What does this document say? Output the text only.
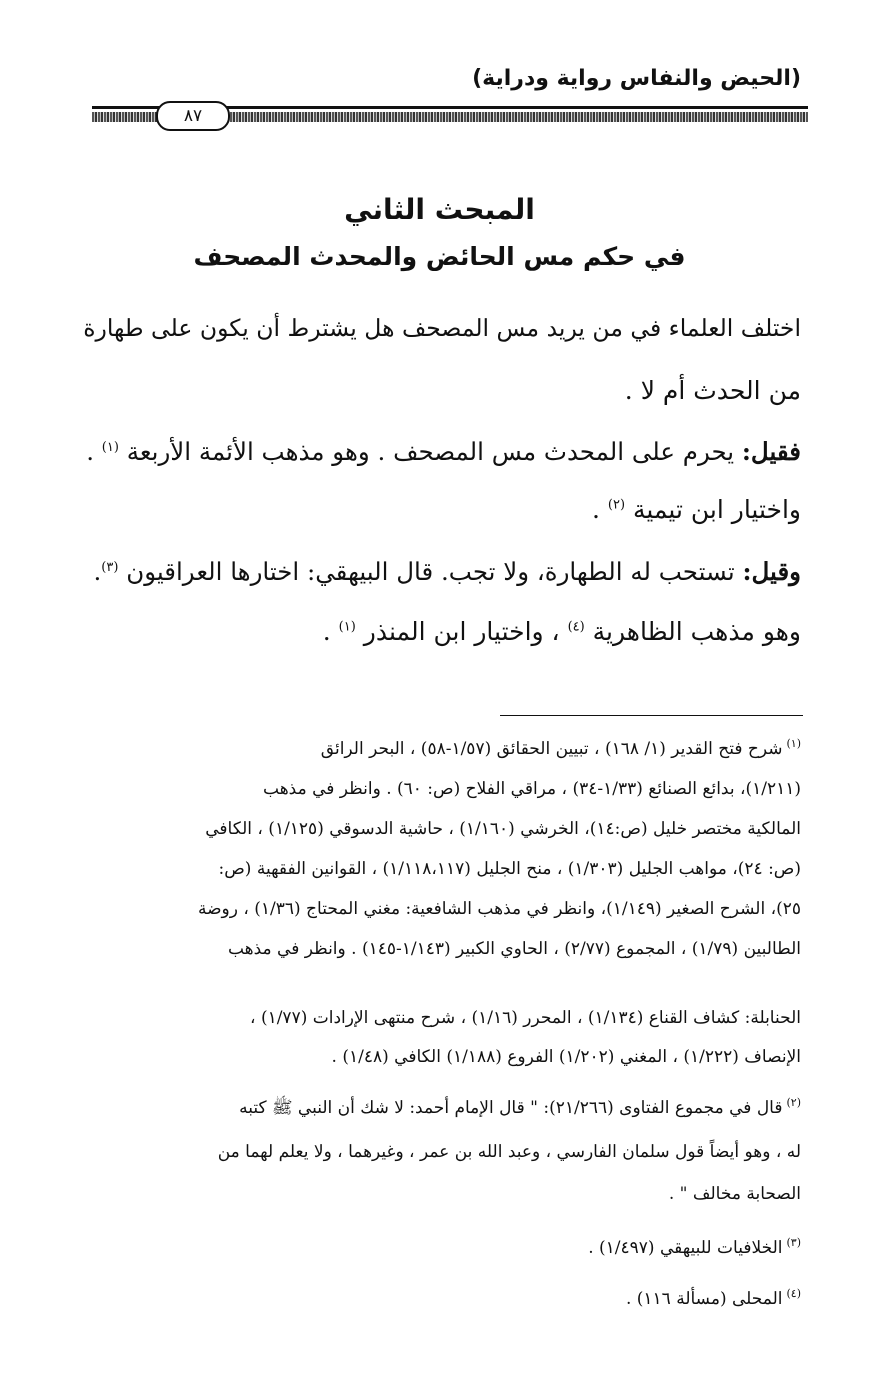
(الحيض والنفاس رواية ودراية)
٨٧
المبحث الثاني
في حكم مس الحائض والمحدث المصحف
اختلف العلماء في من يريد مس المصحف هل يشترط أن يكون على طهارة
من الحدث أم لا .
فقيل: يحرم على المحدث مس المصحف . وهو مذهب الأئمة الأربعة $^{(١)}$ .
واختيار ابن تيمية $^{(٢)}$ .
وقيل: تستحب له الطهارة، ولا تجب. قال البيهقي: اختارها العراقيون $^{(٣)}$.
وهو مذهب الظاهرية $^{(٤)}$ ، واختيار ابن المنذر $^{(١)}$ .
$^{(١)}$شرح فتح القدير (١/ ١٦٨) ، تبيين الحقائق (١/٥٧-٥٨) ، البحر الرائق
(١/٢١١)، بدائع الصنائع (١/٣٣-٣٤) ، مراقي الفلاح (ص: ٦٠) . وانظر في مذهب
المالكية مختصر خليل (ص:١٤)، الخرشي (١/١٦٠) ، حاشية الدسوقي (١/١٢٥) ، الكافي
(ص: ٢٤)، مواهب الجليل (١/٣٠٣) ، منح الجليل (١/١١٨،١١٧) ، القوانين الفقهية (ص:
٢٥)، الشرح الصغير (١/١٤٩)، وانظر في مذهب الشافعية: مغني المحتاج (١/٣٦) ، روضة
الطالبين (١/٧٩) ، المجموع (٢/٧٧) ، الحاوي الكبير (١/١٤٣-١٤٥) . وانظر في مذهب
الحنابلة: كشاف القناع (١/١٣٤) ، المحرر (١/١٦) ، شرح منتهى الإرادات (١/٧٧) ،
الإنصاف (١/٢٢٢) ، المغني (١/٢٠٢) الفروع (١/١٨٨) الكافي (١/٤٨) .
$^{(٢)}$قال في مجموع الفتاوى (٢١/٢٦٦): " قال الإمام أحمد: لا شك أن النبي ﷺ كتبه
له ، وهو أيضاً قول سلمان الفارسي ، وعبد الله بن عمر ، وغيرهما ، ولا يعلم لهما من
الصحابة مخالف " .
$^{(٣)}$الخلافيات للبيهقي (١/٤٩٧) .
$^{(٤)}$المحلى (مسألة ١١٦) .
